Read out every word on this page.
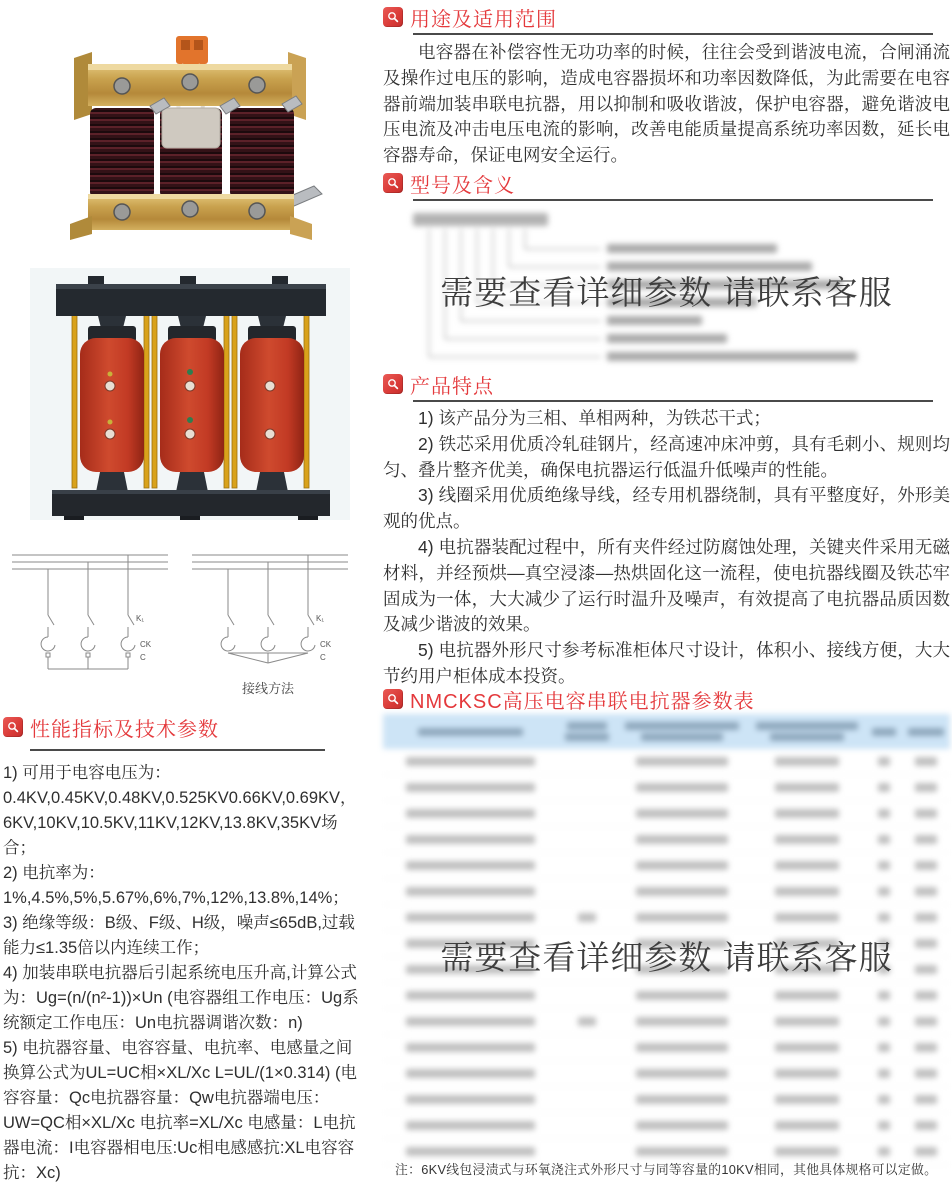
K₁
CK
C
K₁
CK
C
接线方法
性能指标及技术参数

1) 可用于电容电压为：0.4KV,0.45KV,0.48KV,0.525KV0.66KV,0.69KV，6KV,10KV,10.5KV,11KV,12KV,13.8KV,35KV场合；

2) 电抗率为：1%,4.5%,5%,5.67%,6%,7%,12%,13.8%,14%；

3) 绝缘等级：B级、F级、H级，噪声≤65dB,过载能力≤1.35倍以内连续工作；

4) 加装串联电抗器后引起系统电压升高,计算公式为：Ug=(n/(n²-1))×Un (电容器组工作电压：Ug系统额定工作电压：Un电抗器调谐次数：n)

5) 电抗器容量、电容容量、电抗率、电感量之间换算公式为UL=UC相×XL/Xc L=UL/(1×0.314) (电容容量：Qc电抗器容量：Qw电抗器端电压：UW=QC相×XL/Xc 电抗率=XL/Xc 电感量：L电抗器电流：I电容器相电压:Uc相电感感抗:XL电容容抗：Xc)

用途及适用范围
电容器在补偿容性无功功率的时候，往往会受到谐波电流，合闸涌流及操作过电压的影响，造成电容器损坏和功率因数降低，为此需要在电容器前端加装串联电抗器，用以抑制和吸收谐波，保护电容器，避免谐波电压电流及冲击电压电流的影响，改善电能质量提高系统功率因数，延长电容器寿命，保证电网安全运行。
型号及含义
需要查看详细参数 请联系客服
产品特点
1) 该产品分为三相、单相两种，为铁芯干式；
2) 铁芯采用优质冷轧硅钢片，经高速冲床冲剪，具有毛刺小、规则均匀、叠片整齐优美，确保电抗器运行低温升低噪声的性能。
3) 线圈采用优质绝缘导线，经专用机器绕制，具有平整度好，外形美观的优点。
4) 电抗器装配过程中，所有夹件经过防腐蚀处理，关键夹件采用无磁材料，并经预烘—真空浸漆—热烘固化这一流程，使电抗器线圈及铁芯牢固成为一体，大大减少了运行时温升及噪声，有效提高了电抗器品质因数及减少谐波的效果。
5) 电抗器外形尺寸参考标准柜体尺寸设计，体积小、接线方便，大大节约用户柜体成本投资。
NMCKSC高压电容串联电抗器参数表
需要查看详细参数 请联系客服
注：6KV线包浸渍式与环氧浇注式外形尺寸与同等容量的10KV相同，其他具体规格可以定做。
